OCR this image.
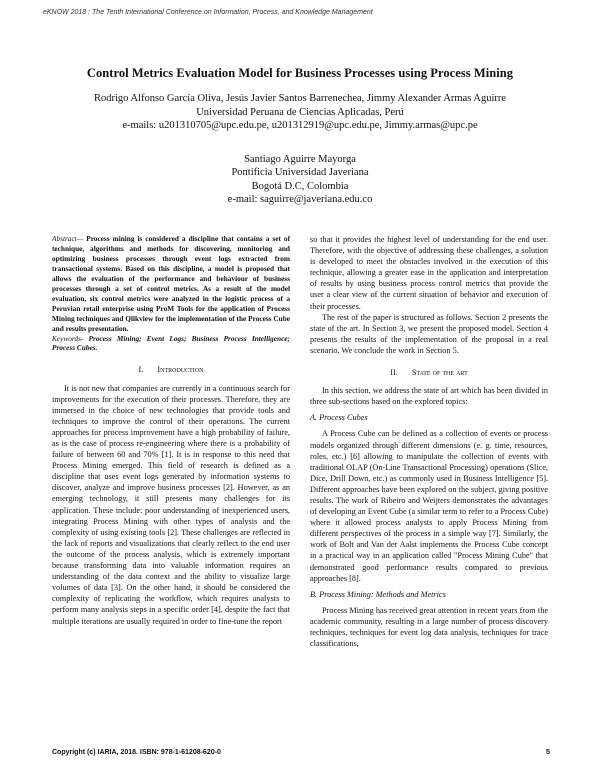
eKNOW 2018 : The Tenth International Conference on Information, Process, and Knowledge Management
Control Metrics Evaluation Model for Business Processes using Process Mining
Rodrigo Alfonso García Oliva, Jesús Javier Santos Barrenechea, Jimmy Alexander Armas Aguirre
Universidad Peruana de Ciencias Aplicadas, Perú
e-mails: u201310705@upc.edu.pe, u201312919@upc.edu.pe, Jimmy.armas@upc.pe
Santiago Aguirre Mayorga
Pontificia Universidad Javeriana
Bogotá D.C, Colombia
e-mail: saguirre@javeriana.edu.co

Abstract— Process mining is considered a discipline that contains a set of technique, algorithms and methods for discovering, monitoring and optimizing business processes through event logs extracted from transactional systems. Based on this discipline, a model is proposed that allows the evaluation of the performance and behaviour of business processes through a set of control metrics. As a result of the model evaluation, six control metrics were analyzed in the logistic process of a Peruvian retail enterprise using ProM Tools for the application of Process Mining techniques and Qlikview for the implementation of the Process Cube and results presentation.

Keywords- Process Mining; Event Logs; Business Process Intelligence; Process Cubes.

I. Introduction

It is not new that companies are currently in a continuous search for improvements for the execution of their processes. Therefore, they are immersed in the choice of new technologies that provide tools and techniques to improve the control of their operations. The current approaches for process improvement have a high probability of failure, as is the case of process re-engineering where there is a probability of failure of between 60 and 70% [1]. It is in response to this need that Process Mining emerged. This field of research is defined as a discipline that uses event logs generated by information systems to discover, analyze and improve business processes [2]. However, as an emerging technology, it still presents many challenges for its application. These include: poor understanding of inexperienced users, integrating Process Mining with other types of analysis and the complexity of using existing tools [2]. These challenges are reflected in the lack of reports and visualizations that clearly reflect to the end user the outcome of the process analysis, which is extremely important because transforming data into valuable information requires an understanding of the data context and the ability to visualize large volumes of data [3]. On the other hand, it should be considered the complexity of replicating the workflow, which requires analysts to perform many analysis steps in a specific order [4], despite the fact that multiple iterations are usually required in order to fine-tune the report

so that it provides the highest level of understanding for the end user. Therefore, with the objective of addressing these challenges, a solution is developed to meet the obstacles involved in the execution of this technique, allowing a greater ease in the application and interpretation of results by using business process control metrics that provide the user a clear view of the current situation of behavior and execution of their processes.

The rest of the paper is structured as follows. Section 2 presents the state of the art. In Section 3, we present the proposed model. Section 4 presents the results of the implementation of the proposal in a real scenario. We conclude the work in Section 5.

II. State of the art

In this section, we address the state of art which has been divided in three sub-sections based on the explored topics:

A. Process Cubes

A Process Cube can be defined as a collection of events or process models organized through different dimensions (e. g. time, resources, roles, etc.) [6] allowing to manipulate the collection of events with traditional OLAP (On-Line Transactional Processing) operations (Slice, Dice, Drill Down, etc.) as commonly used in Business Intelligence [5]. Different approaches have been explored on the subject, giving positive results. The work of Ribeiro and Weijters demonstrates the advantages of developing an Event Cube (a similar term to refer to a Process Cube) where it allowed process analysts to apply Process Mining from different perspectives of the process in a simple way [7]. Similarly, the work of Bolt and Van der Aalst implements the Process Cube concept in a practical way in an application called "Process Mining Cube" that demonstrated good performance results compared to previous approaches [8].

B. Process Mining: Methods and Metrics

Process Mining has received great attention in recent years from the academic community, resulting in a large number of process discovery techniques, techniques for event log data analysis, techniques for trace classifications,

Copyright (c) IARIA, 2018. ISBN: 978-1-61208-620-0	5
